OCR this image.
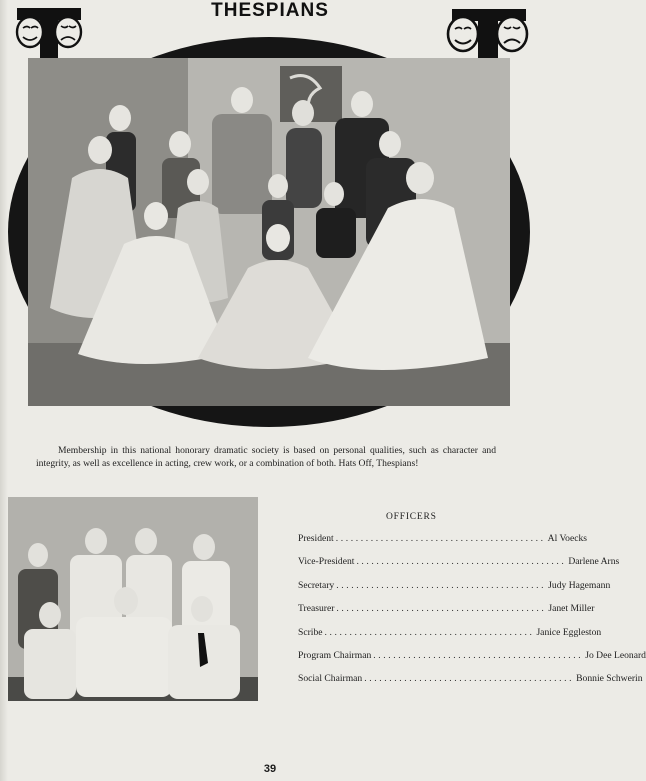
THESPIANS
Membership in this national honorary dramatic society is based on personal qualities, such as character and integrity, as well as excellence in acting, crew work, or a combination of both. Hats Off, Thespians!
OFFICERS
President .......................................... Al Voecks
Vice-President .......................................... Darlene Arns
Secretary .......................................... Judy Hagemann
Treasurer .......................................... Janet Miller
Scribe .......................................... Janice Eggleston
Program Chairman .......................................... Jo Dee Leonard
Social Chairman .......................................... Bonnie Schwerin
39
